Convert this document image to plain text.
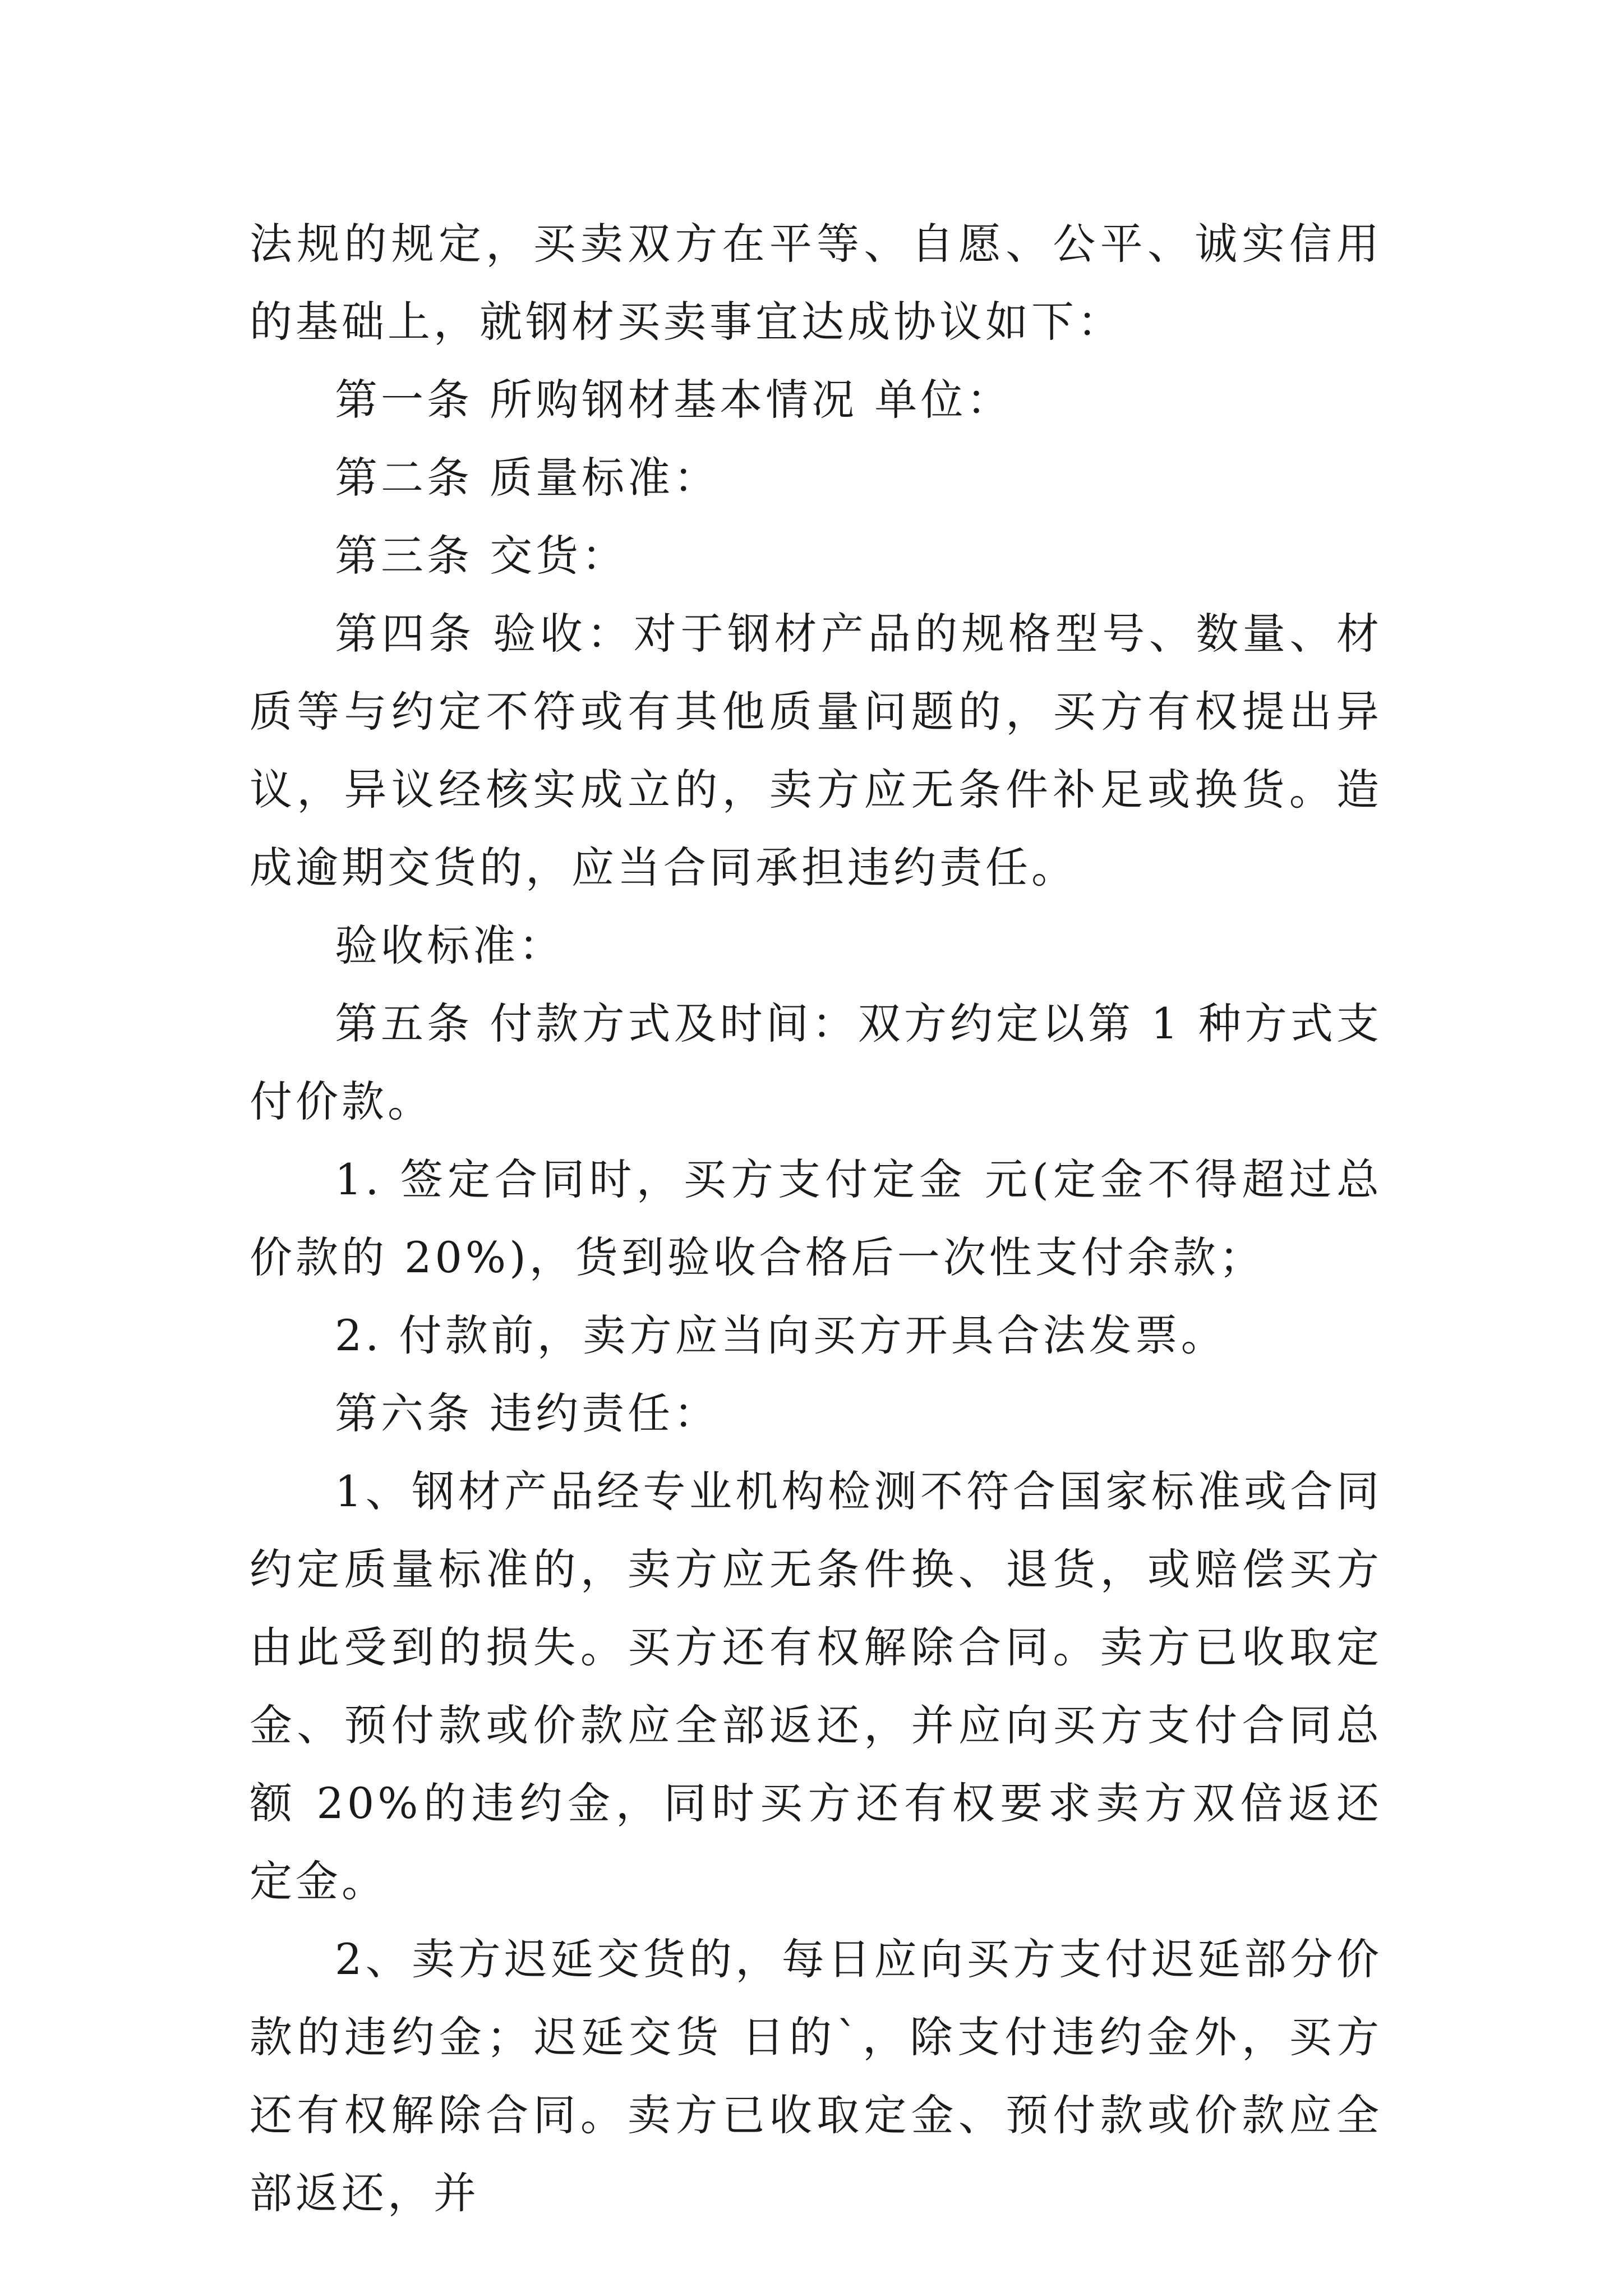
法规的规定，买卖双方在平等、自愿、公平、诚实信用的基础上，就钢材买卖事宜达成协议如下：

第一条 所购钢材基本情况 单位：

第二条 质量标准：

第三条 交货：

第四条 验收：对于钢材产品的规格型号、数量、材质等与约定不符或有其他质量问题的，买方有权提出异议，异议经核实成立的，卖方应无条件补足或换货。造成逾期交货的，应当合同承担违约责任。

验收标准：

第五条 付款方式及时间：双方约定以第 1 种方式支付价款。

1. 签定合同时，买方支付定金 元(定金不得超过总价款的 20%)，货到验收合格后一次性支付余款；

2. 付款前，卖方应当向买方开具合法发票。

第六条 违约责任：

1、钢材产品经专业机构检测不符合国家标准或合同约定质量标准的，卖方应无条件换、退货，或赔偿买方由此受到的损失。买方还有权解除合同。卖方已收取定金、预付款或价款应全部返还，并应向买方支付合同总额 20%的违约金，同时买方还有权要求卖方双倍返还定金。

2、卖方迟延交货的，每日应向买方支付迟延部分价款的违约金；迟延交货 日的`，除支付违约金外，买方还有权解除合同。卖方已收取定金、预付款或价款应全部返还，并
